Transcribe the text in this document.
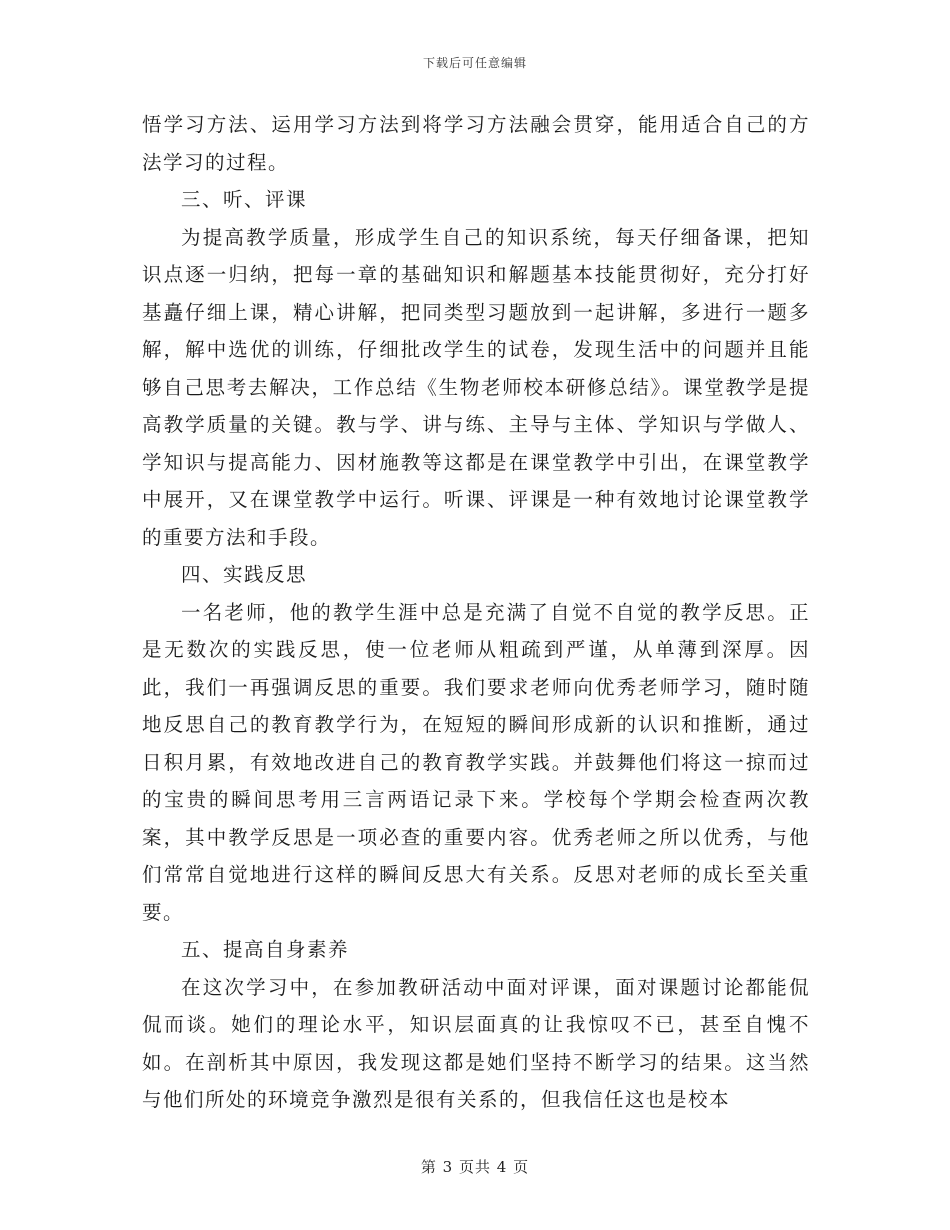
下载后可任意编辑

悟学习方法、运用学习方法到将学习方法融会贯穿，能用适合自己的方法学习的过程。

三、听、评课

为提高教学质量，形成学生自己的知识系统，每天仔细备课，把知识点逐一归纳，把每一章的基础知识和解题基本技能贯彻好，充分打好基矗仔细上课，精心讲解，把同类型习题放到一起讲解，多进行一题多解，解中选优的训练，仔细批改学生的试卷，发现生活中的问题并且能够自己思考去解决，工作总结《生物老师校本研修总结》。课堂教学是提高教学质量的关键。教与学、讲与练、主导与主体、学知识与学做人、学知识与提高能力、因材施教等这都是在课堂教学中引出，在课堂教学中展开，又在课堂教学中运行。听课、评课是一种有效地讨论课堂教学的重要方法和手段。

四、实践反思

一名老师，他的教学生涯中总是充满了自觉不自觉的教学反思。正是无数次的实践反思，使一位老师从粗疏到严谨，从单薄到深厚。因此，我们一再强调反思的重要。我们要求老师向优秀老师学习，随时随地反思自己的教育教学行为，在短短的瞬间形成新的认识和推断，通过日积月累，有效地改进自己的教育教学实践。并鼓舞他们将这一掠而过的宝贵的瞬间思考用三言两语记录下来。学校每个学期会检查两次教案，其中教学反思是一项必查的重要内容。优秀老师之所以优秀，与他们常常自觉地进行这样的瞬间反思大有关系。反思对老师的成长至关重要。

五、提高自身素养

在这次学习中，在参加教研活动中面对评课，面对课题讨论都能侃侃而谈。她们的理论水平，知识层面真的让我惊叹不已，甚至自愧不如。在剖析其中原因，我发现这都是她们坚持不断学习的结果。这当然与他们所处的环境竞争激烈是很有关系的，但我信任这也是校本

第 3 页共 4 页
